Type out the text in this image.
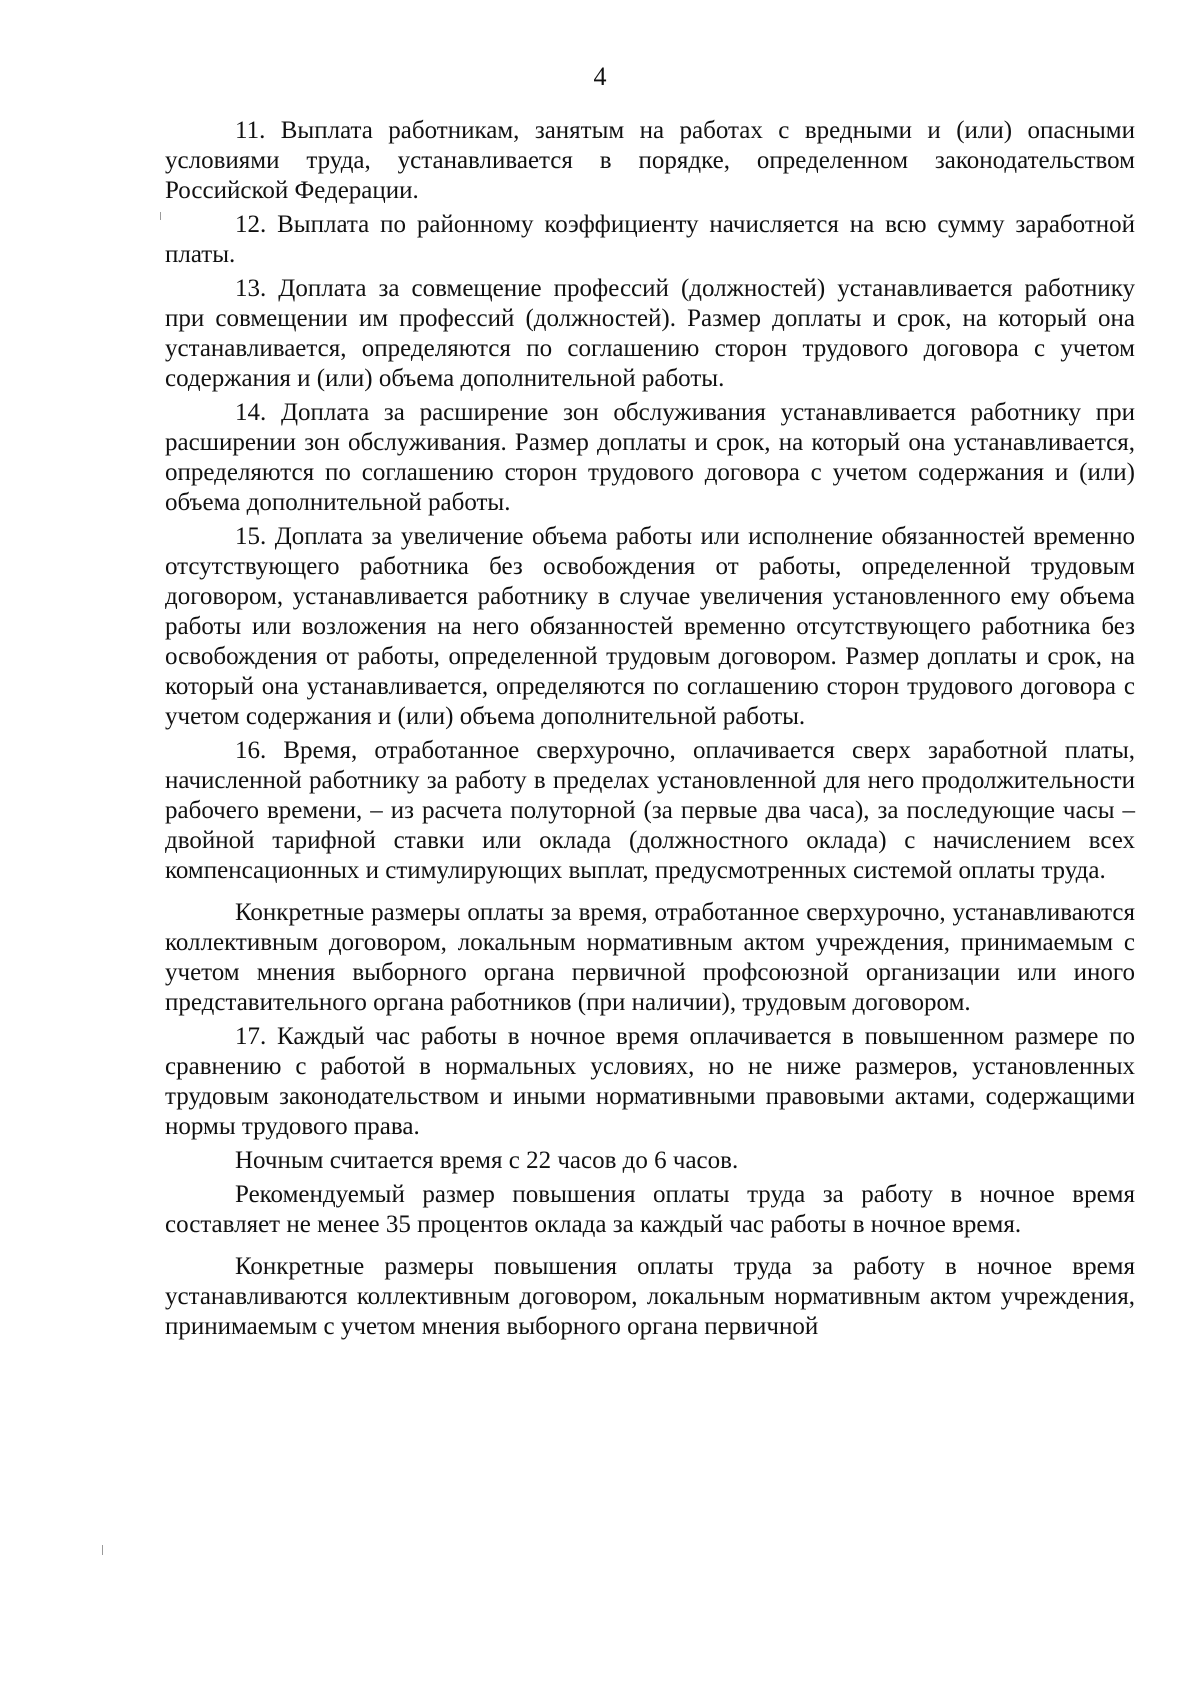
4

11. Выплата работникам, занятым на работах с вредными и (или) опасными условиями труда, устанавливается в порядке, определенном законодательством Российской Федерации.

12. Выплата по районному коэффициенту начисляется на всю сумму заработной платы.

13. Доплата за совмещение профессий (должностей) устанавливается работнику при совмещении им профессий (должностей). Размер доплаты и срок, на который она устанавливается, определяются по соглашению сторон трудового договора с учетом содержания и (или) объема дополнительной работы.

14. Доплата за расширение зон обслуживания устанавливается работнику при расширении зон обслуживания. Размер доплаты и срок, на который она устанавливается, определяются по соглашению сторон трудового договора с учетом содержания и (или) объема дополнительной работы.

15. Доплата за увеличение объема работы или исполнение обязанностей временно отсутствующего работника без освобождения от работы, определенной трудовым договором, устанавливается работнику в случае увеличения установленного ему объема работы или возложения на него обязанностей временно отсутствующего работника без освобождения от работы, определенной трудовым договором. Размер доплаты и срок, на который она устанавливается, определяются по соглашению сторон трудового договора с учетом содержания и (или) объема дополнительной работы.

16. Время, отработанное сверхурочно, оплачивается сверх заработной платы, начисленной работнику за работу в пределах установленной для него продолжительности рабочего времени, – из расчета полуторной (за первые два часа), за последующие часы – двойной тарифной ставки или оклада (должностного оклада) с начислением всех компенсационных и стимулирующих выплат, предусмотренных системой оплаты труда.

Конкретные размеры оплаты за время, отработанное сверхурочно, устанавливаются коллективным договором, локальным нормативным актом учреждения, принимаемым с учетом мнения выборного органа первичной профсоюзной организации или иного представительного органа работников (при наличии), трудовым договором.

17. Каждый час работы в ночное время оплачивается в повышенном размере по сравнению с работой в нормальных условиях, но не ниже размеров, установленных трудовым законодательством и иными нормативными правовыми актами, содержащими нормы трудового права.

Ночным считается время с 22 часов до 6 часов.

Рекомендуемый размер повышения оплаты труда за работу в ночное время составляет не менее 35 процентов оклада за каждый час работы в ночное время.

Конкретные размеры повышения оплаты труда за работу в ночное время устанавливаются коллективным договором, локальным нормативным актом учреждения, принимаемым с учетом мнения выборного органа первичной
